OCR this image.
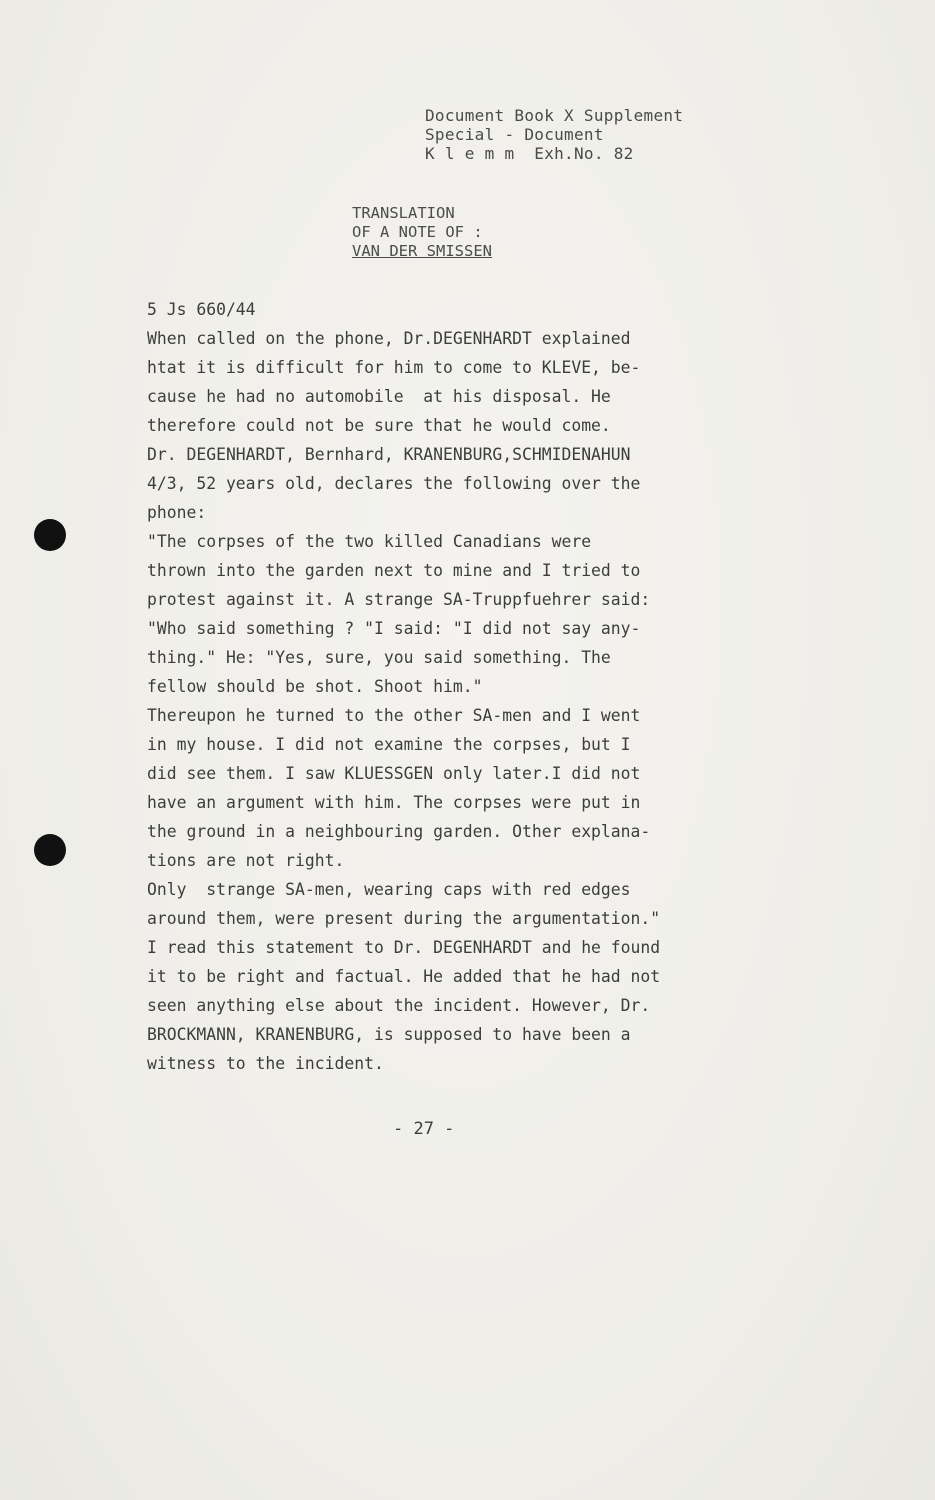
Document Book X Supplement
Special - Document
K l e m m  Exh.No. 82
TRANSLATION
OF A NOTE OF :
VAN DER SMISSEN
5 Js 660/44
When called on the phone, Dr.DEGENHARDT explained
htat it is difficult for him to come to KLEVE, be-
cause he had no automobile  at his disposal. He
therefore could not be sure that he would come.
Dr. DEGENHARDT, Bernhard, KRANENBURG,SCHMIDENAHUN
4/3, 52 years old, declares the following over the
phone:
"The corpses of the two killed Canadians were
thrown into the garden next to mine and I tried to
protest against it. A strange SA-Truppfuehrer said:
"Who said something ? "I said: "I did not say any-
thing." He: "Yes, sure, you said something. The
fellow should be shot. Shoot him."
Thereupon he turned to the other SA-men and I went
in my house. I did not examine the corpses, but I
did see them. I saw KLUESSGEN only later.I did not
have an argument with him. The corpses were put in
the ground in a neighbouring garden. Other explana-
tions are not right.
Only  strange SA-men, wearing caps with red edges
around them, were present during the argumentation."
I read this statement to Dr. DEGENHARDT and he found
it to be right and factual. He added that he had not
seen anything else about the incident. However, Dr.
BROCKMANN, KRANENBURG, is supposed to have been a
witness to the incident.
- 27 -
